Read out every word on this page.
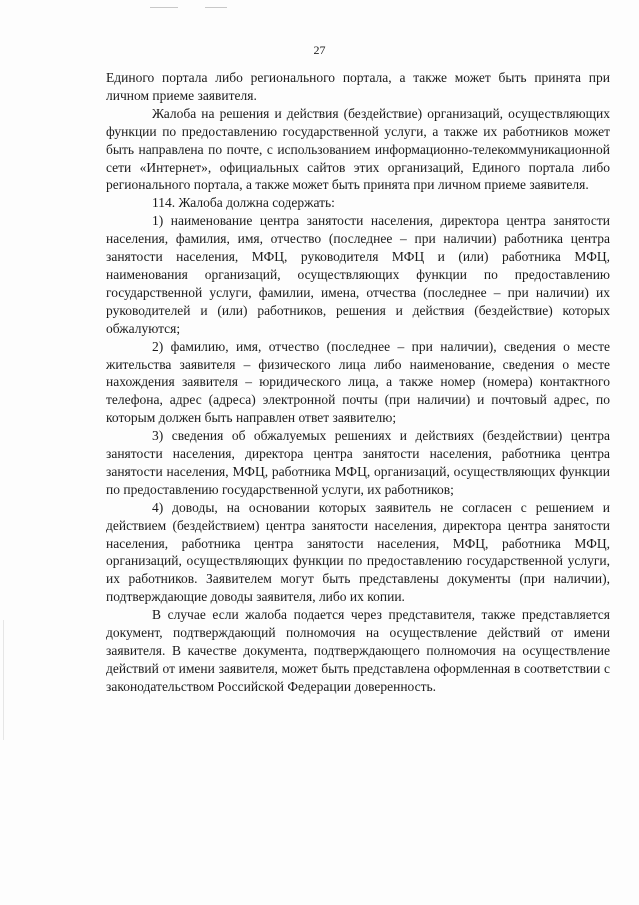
27

Единого портала либо регионального портала, а также может быть принята при личном приеме заявителя.

Жалоба на решения и действия (бездействие) организаций, осуществляющих функции по предоставлению государственной услуги, а также их работников может быть направлена по почте, с использованием информационно-телекоммуникационной сети «Интернет», официальных сайтов этих организаций, Единого портала либо регионального портала, а также может быть принята при личном приеме заявителя.

114. Жалоба должна содержать:

1) наименование центра занятости населения, директора центра занятости населения, фамилия, имя, отчество (последнее – при наличии) работника центра занятости населения, МФЦ, руководителя МФЦ и (или) работника МФЦ, наименования организаций, осуществляющих функции по предоставлению государственной услуги, фамилии, имена, отчества (последнее – при наличии) их руководителей и (или) работников, решения и действия (бездействие) которых обжалуются;

2) фамилию, имя, отчество (последнее – при наличии), сведения о месте жительства заявителя – физического лица либо наименование, сведения о месте нахождения заявителя – юридического лица, а также номер (номера) контактного телефона, адрес (адреса) электронной почты (при наличии) и почтовый адрес, по которым должен быть направлен ответ заявителю;

3) сведения об обжалуемых решениях и действиях (бездействии) центра занятости населения, директора центра занятости населения, работника центра занятости населения, МФЦ, работника МФЦ, организаций, осуществляющих функции по предоставлению государственной услуги, их работников;

4) доводы, на основании которых заявитель не согласен с решением и действием (бездействием) центра занятости населения, директора центра занятости населения, работника центра занятости населения, МФЦ, работника МФЦ, организаций, осуществляющих функции по предоставлению государственной услуги, их работников. Заявителем могут быть представлены документы (при наличии), подтверждающие доводы заявителя, либо их копии.

В случае если жалоба подается через представителя, также представляется документ, подтверждающий полномочия на осуществление действий от имени заявителя. В качестве документа, подтверждающего полномочия на осуществление действий от имени заявителя, может быть представлена оформленная в соответствии с законодательством Российской Федерации доверенность.
